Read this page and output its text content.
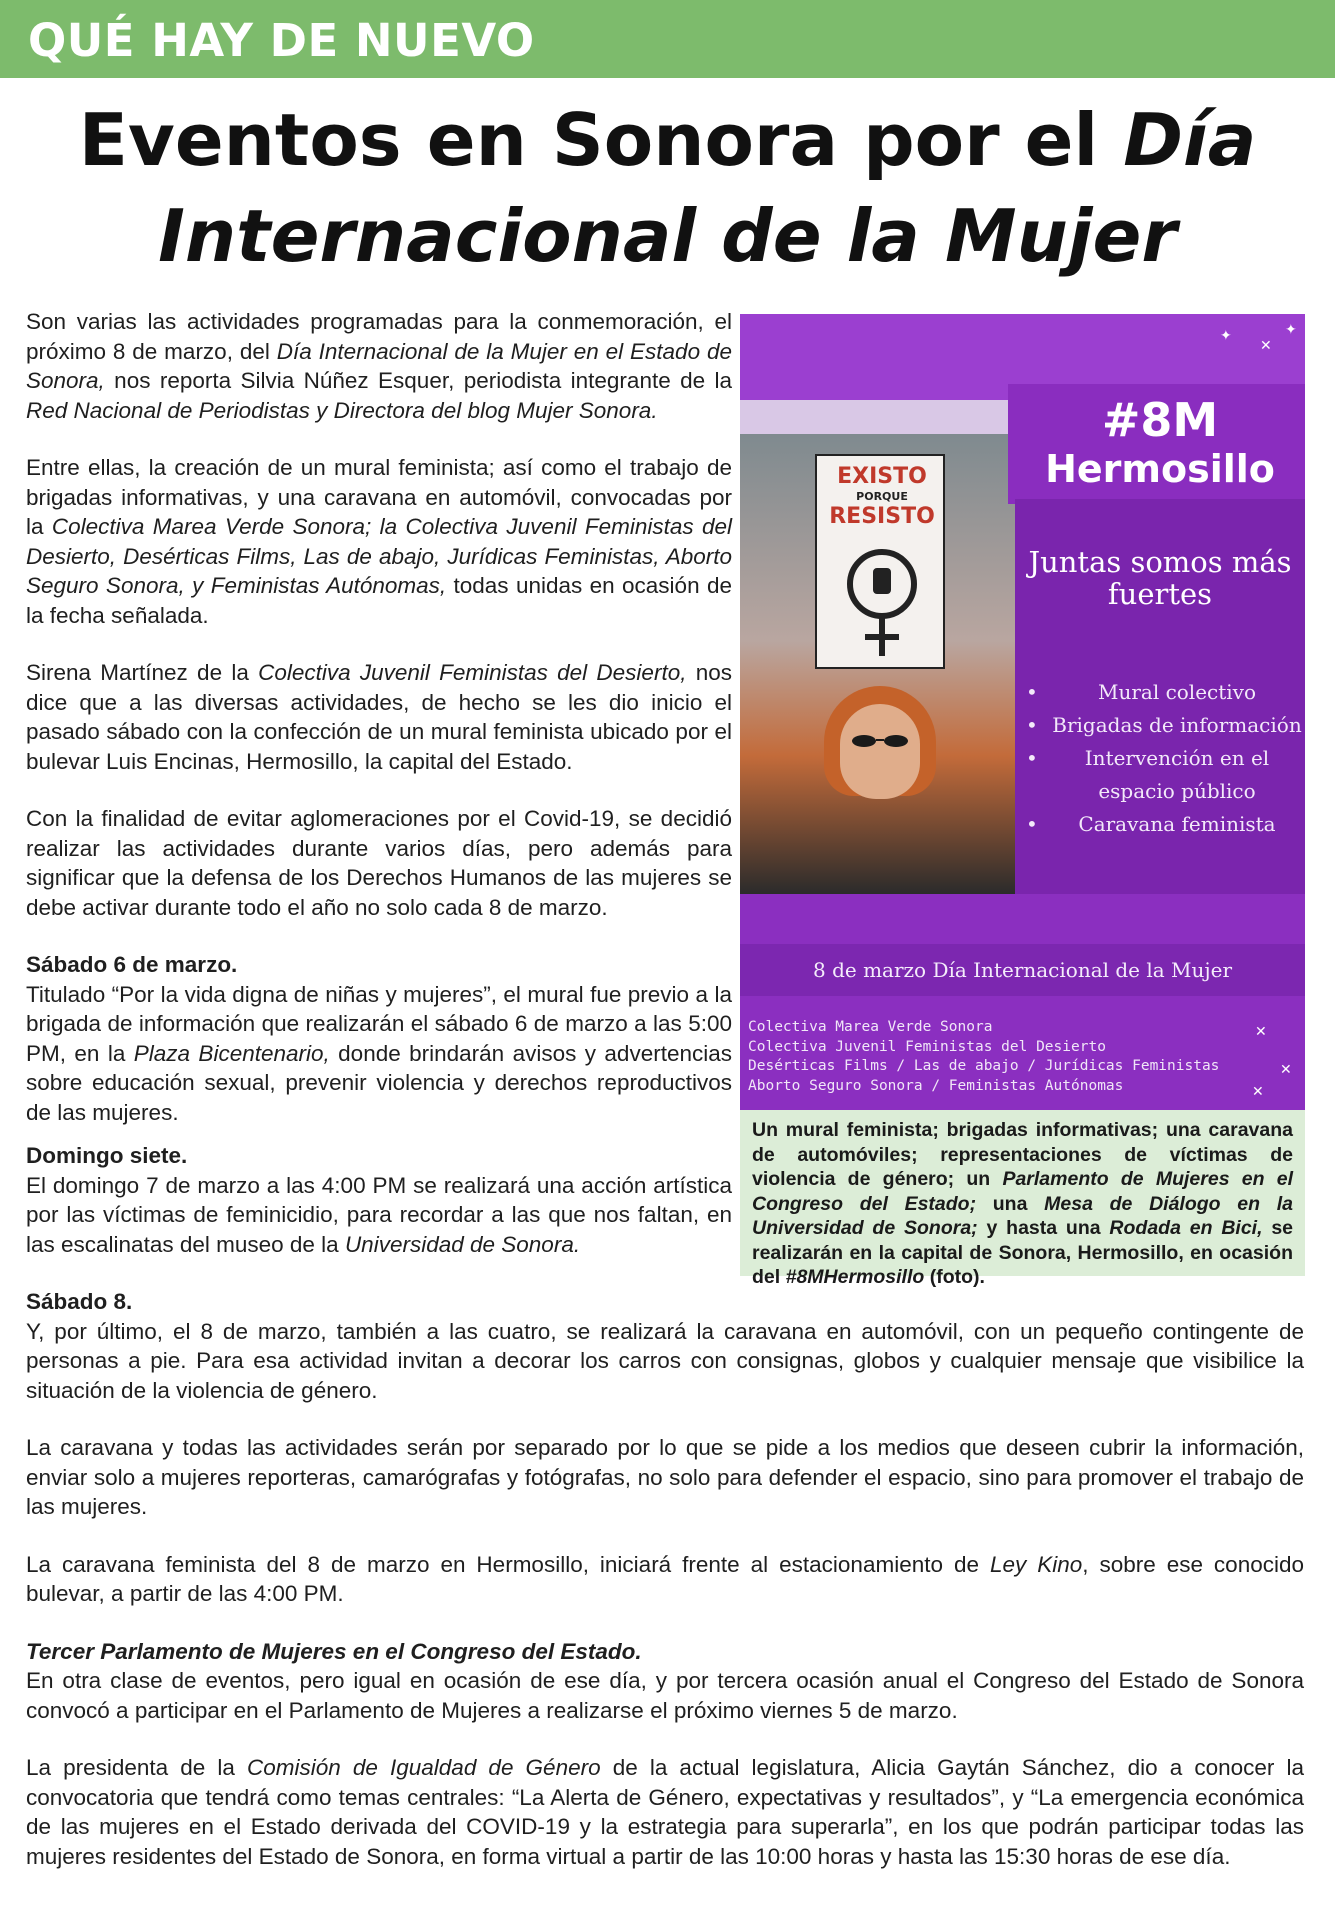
QUÉ HAY DE NUEVO
Eventos en Sonora por el Día Internacional de la Mujer

Son varias las actividades programadas para la conmemoración, el próximo 8 de marzo, del Día Internacional de la Mujer en el Estado de Sonora, nos reporta Silvia Núñez Esquer, periodista integrante de la Red Nacional de Periodistas y Directora del blog Mujer Sonora.

Entre ellas, la creación de un mural feminista; así como el trabajo de brigadas informativas, y una caravana en automóvil, convocadas por la Colectiva Marea Verde Sonora; la Colectiva Juvenil Feministas del Desierto, Desérticas Films, Las de abajo, Jurídicas Feministas, Aborto Seguro Sonora, y Feministas Autónomas, todas unidas en ocasión de la fecha señalada.

Sirena Martínez de la Colectiva Juvenil Feministas del Desierto, nos dice que a las diversas actividades, de hecho se les dio inicio el pasado sábado con la confección de un mural feminista ubicado por el bulevar Luis Encinas, Hermosillo, la capital del Estado.

Con la finalidad de evitar aglomeraciones por el Covid-19, se decidió realizar las actividades durante varios días, pero además para significar que la defensa de los Derechos Humanos de las mujeres se debe activar durante todo el año no solo cada 8 de marzo.

Sábado 6 de marzo.
Titulado “Por la vida digna de niñas y mujeres”, el mural fue previo a la brigada de información que realizarán el sábado 6 de marzo a las 5:00 PM, en la Plaza Bicentenario, donde brindarán avisos y advertencias sobre educación sexual, prevenir violencia y derechos reproductivos de las mujeres.

Domingo siete.
El domingo 7 de marzo a las 4:00 PM se realizará una acción artística por las víctimas de feminicidio, para recordar a las que nos faltan, en las escalinatas del museo de la Universidad de Sonora.

EXISTO
PORQUE
RESISTO
#8M
Hermosillo
Juntas somos más fuertes
• Mural colectivo
• Brigadas de información
• Intervención en el espacio público
• Caravana feminista
8 de marzo Día Internacional de la Mujer
Colectiva Marea Verde Sonora
Colectiva Juvenil Feministas del Desierto
Desérticas Films / Las de abajo / Jurídicas Feministas
Aborto Seguro Sonora / Feministas Autónomas
✦
✕
✦
✕
✕
✕
Un mural feminista; brigadas informativas; una caravana de automóviles; representaciones de víctimas de violencia de género; un Parlamento de Mujeres en el Congreso del Estado; una Mesa de Diálogo en la Universidad de Sonora; y hasta una Rodada en Bici, se realizarán en la capital de Sonora, Hermosillo, en ocasión del #8MHermosillo (foto).

Sábado 8.
Y, por último, el 8 de marzo, también a las cuatro, se realizará la caravana en automóvil, con un pequeño contingente de personas a pie. Para esa actividad invitan a decorar los carros con consignas, globos y cualquier mensaje que visibilice la situación de la violencia de género.

La caravana y todas las actividades serán por separado por lo que se pide a los medios que deseen cubrir la información, enviar solo a mujeres reporteras, camarógrafas y fotógrafas, no solo para defender el espacio, sino para promover el trabajo de las mujeres.

La caravana feminista del 8 de marzo en Hermosillo, iniciará frente al estacionamiento de Ley Kino, sobre ese conocido bulevar, a partir de las 4:00 PM.

Tercer Parlamento de Mujeres en el Congreso del Estado.
En otra clase de eventos, pero igual en ocasión de ese día, y por tercera ocasión anual el Congreso del Estado de Sonora convocó a participar en el Parlamento de Mujeres a realizarse el próximo viernes 5 de marzo.

La presidenta de la Comisión de Igualdad de Género de la actual legislatura, Alicia Gaytán Sánchez, dio a conocer la convocatoria que tendrá como temas centrales: “La Alerta de Género, expectativas y resultados”, y “La emergencia económica de las mujeres en el Estado derivada del COVID-19 y la estrategia para superarla”, en los que podrán participar todas las mujeres residentes del Estado de Sonora, en forma virtual a partir de las 10:00 horas y hasta las 15:30 horas de ese día.
